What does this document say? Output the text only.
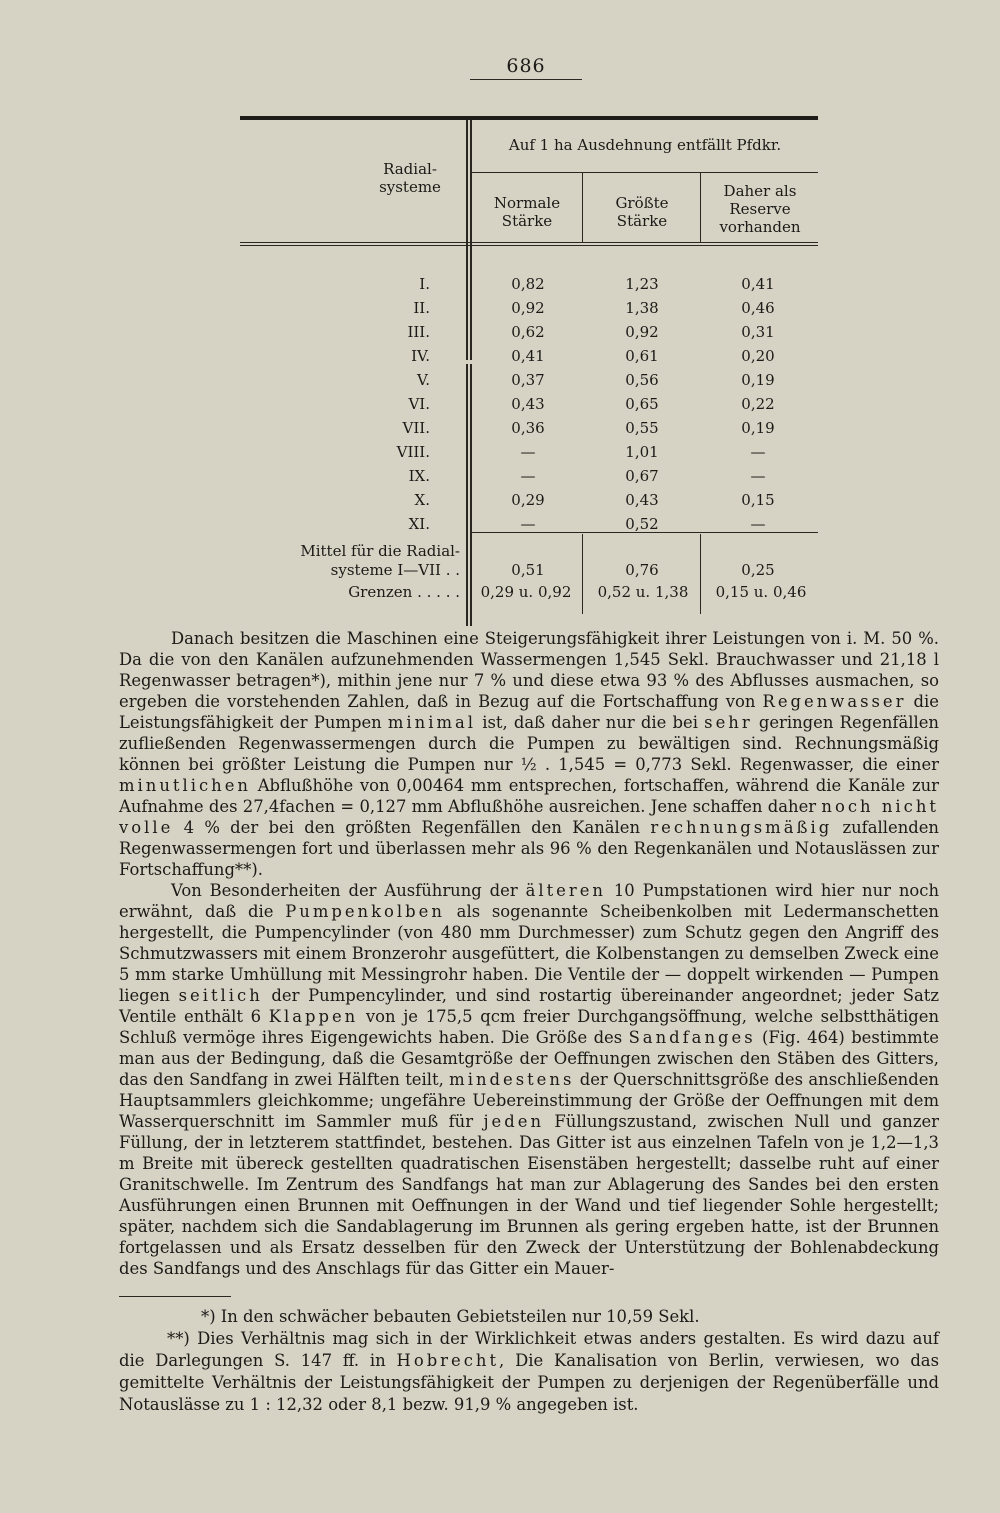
686
Radial-
systeme
Auf 1 ha Ausdehnung entfällt Pfdkr.
Normale
Stärke
Größte
Stärke
Daher als
Reserve
vorhanden
I.	0,82	1,23	0,41
II.	0,92	1,38	0,46
III.	0,62	0,92	0,31
IV.	0,41	0,61	0,20
V.	0,37	0,56	0,19
VI.	0,43	0,65	0,22
VII.	0,36	0,55	0,19
VIII.	—	1,01	—
IX.	—	0,67	—
X.	0,29	0,43	0,15
XI.	—	0,52	—
Mittel für die Radial-
systeme I—VII . .	0,51	0,76	0,25
Grenzen . . . . .	0,29 u. 0,92	0,52 u. 1,38	0,15 u. 0,46

Danach besitzen die Maschinen eine Steigerungsfähigkeit ihrer Leistungen von i. M. 50 %. Da die von den Kanälen aufzunehmenden Wassermengen 1,545 Sekl. Brauchwasser und 21,18 l Regenwasser betragen*), mithin jene nur 7 % und diese etwa 93 % des Abflusses ausmachen, so ergeben die vorstehenden Zahlen, daß in Bezug auf die Fortschaffung von Regenwasser die Leistungsfähigkeit der Pumpen minimal ist, daß daher nur die bei sehr geringen Regenfällen zufließenden Regenwassermengen durch die Pumpen zu bewältigen sind. Rechnungsmäßig können bei größter Leistung die Pumpen nur ½ . 1,545 = 0,773 Sekl. Regenwasser, die einer minutlichen Abflußhöhe von 0,00464 mm entsprechen, fortschaffen, während die Kanäle zur Aufnahme des 27,4fachen = 0,127 mm Abflußhöhe ausreichen. Jene schaffen daher noch nicht volle 4 % der bei den größten Regenfällen den Kanälen rechnungsmäßig zufallenden Regenwassermengen fort und überlassen mehr als 96 % den Regenkanälen und Notauslässen zur Fortschaffung**).

Von Besonderheiten der Ausführung der älteren 10 Pumpstationen wird hier nur noch erwähnt, daß die Pumpenkolben als sogenannte Scheibenkolben mit Ledermanschetten hergestellt, die Pumpencylinder (von 480 mm Durchmesser) zum Schutz gegen den Angriff des Schmutzwassers mit einem Bronzerohr ausgefüttert, die Kolbenstangen zu demselben Zweck eine 5 mm starke Umhüllung mit Messingrohr haben. Die Ventile der — doppelt wirkenden — Pumpen liegen seitlich der Pumpencylinder, und sind rostartig übereinander angeordnet; jeder Satz Ventile enthält 6 Klappen von je 175,5 qcm freier Durchgangsöffnung, welche selbstthätigen Schluß vermöge ihres Eigengewichts haben. Die Größe des Sandfanges (Fig. 464) bestimmte man aus der Bedingung, daß die Gesamtgröße der Oeffnungen zwischen den Stäben des Gitters, das den Sandfang in zwei Hälften teilt, mindestens der Querschnittsgröße des anschließenden Hauptsammlers gleichkomme; ungefähre Uebereinstimmung der Größe der Oeffnungen mit dem Wasserquerschnitt im Sammler muß für jeden Füllungszustand, zwischen Null und ganzer Füllung, der in letzterem stattfindet, bestehen. Das Gitter ist aus einzelnen Tafeln von je 1,2—1,3 m Breite mit übereck gestellten quadratischen Eisenstäben hergestellt; dasselbe ruht auf einer Granitschwelle. Im Zentrum des Sandfangs hat man zur Ablagerung des Sandes bei den ersten Ausführungen einen Brunnen mit Oeffnungen in der Wand und tief liegender Sohle hergestellt; später, nachdem sich die Sandablagerung im Brunnen als gering ergeben hatte, ist der Brunnen fortgelassen und als Ersatz desselben für den Zweck der Unterstützung der Bohlenabdeckung des Sandfangs und des Anschlags für das Gitter ein Mauer-

*) In den schwächer bebauten Gebietsteilen nur 10,59 Sekl.

**) Dies Verhältnis mag sich in der Wirklichkeit etwas anders gestalten. Es wird dazu auf die Darlegungen S. 147 ff. in Hobrecht, Die Kanalisation von Berlin, verwiesen, wo das gemittelte Verhältnis der Leistungsfähigkeit der Pumpen zu derjenigen der Regenüberfälle und Notauslässe zu 1 : 12,32 oder 8,1 bezw. 91,9 % angegeben ist.
